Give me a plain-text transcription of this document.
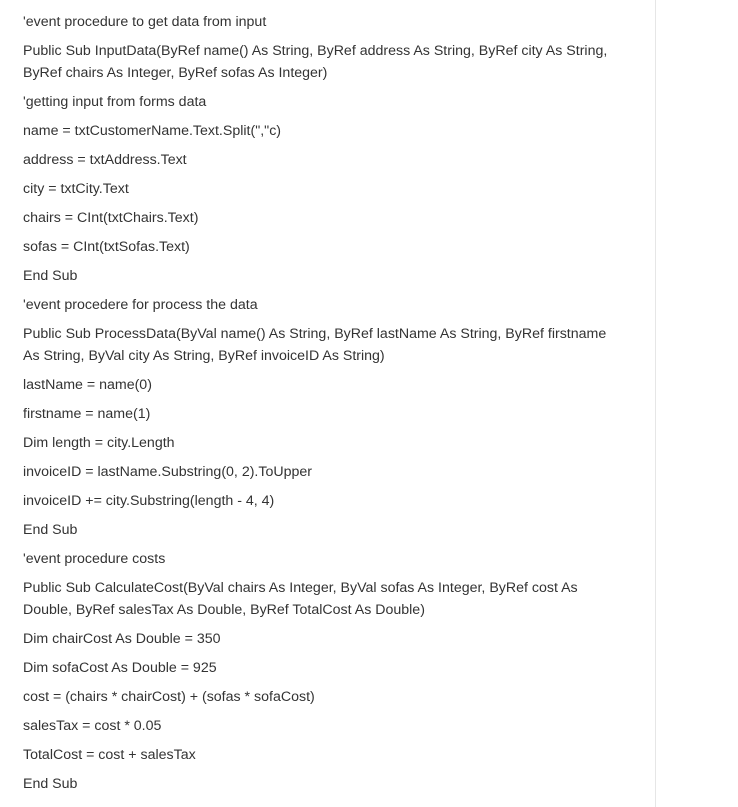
'event procedure to get data from input

Public Sub InputData(ByRef name() As String, ByRef address As String, ByRef city As String, ByRef chairs As Integer, ByRef sofas As Integer)

'getting input from forms data

name = txtCustomerName.Text.Split(","c)

address = txtAddress.Text

city = txtCity.Text

chairs = CInt(txtChairs.Text)

sofas = CInt(txtSofas.Text)

End Sub

'event procedere for process the data

Public Sub ProcessData(ByVal name() As String, ByRef lastName As String, ByRef firstname As String, ByVal city As String, ByRef invoiceID As String)

lastName = name(0)

firstname = name(1)

Dim length = city.Length

invoiceID = lastName.Substring(0, 2).ToUpper

invoiceID += city.Substring(length - 4, 4)

End Sub

'event procedure costs

Public Sub CalculateCost(ByVal chairs As Integer, ByVal sofas As Integer, ByRef cost As Double, ByRef salesTax As Double, ByRef TotalCost As Double)

Dim chairCost As Double = 350

Dim sofaCost As Double = 925

cost = (chairs * chairCost) + (sofas * sofaCost)

salesTax = cost * 0.05

TotalCost = cost + salesTax

End Sub
